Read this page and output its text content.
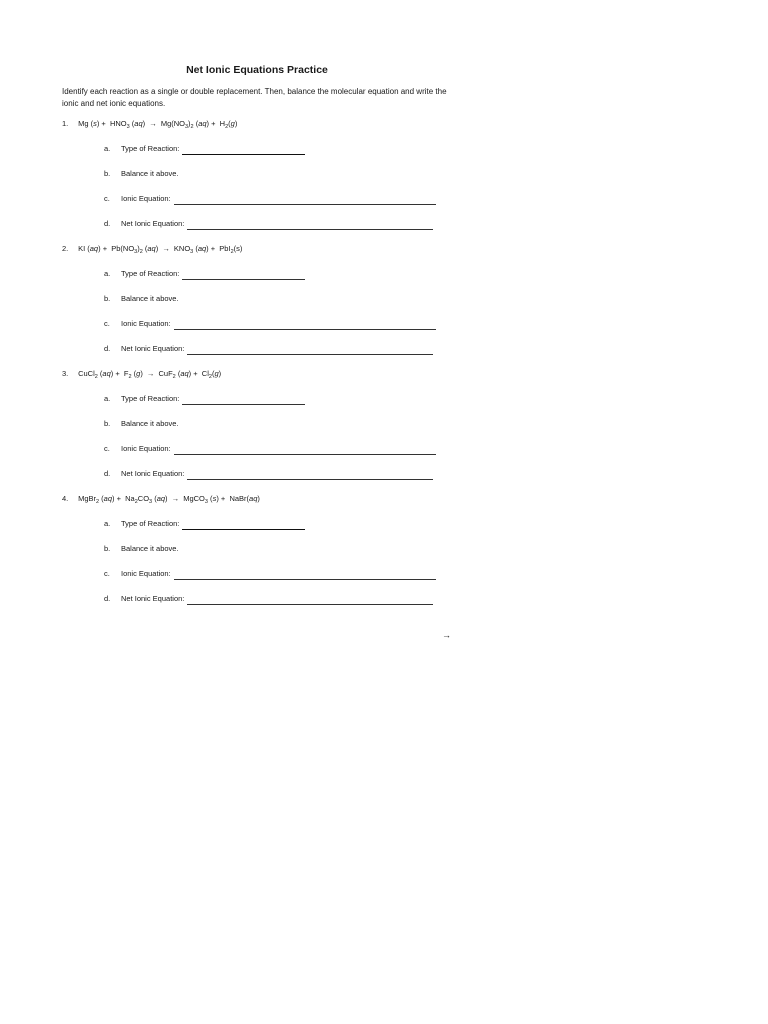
Net Ionic Equations Practice
Identify each reaction as a single or double replacement. Then, balance the molecular equation and write the ionic and net ionic equations.
1. Mg $(s) + HNO_3$ $(aq) \to Mg(NO_3)_2$ $(aq) + H_2(g)$
a. Type of Reaction:
b. Balance it above.
c. Ionic Equation:
d. Net Ionic Equation:
2. KI $(aq) + Pb(NO_3)_2$ $(aq) \to KNO_3$ (aq) +  PbI$_2$(s)
a. Type of Reaction:
b. Balance it above.
c. Ionic Equation:
d. Net Ionic Equation:
3. CuCl$_2$ $(aq) + F_2$ (g) → CuF$_2$ $(aq) + Cl_2(g)$
a. Type of Reaction:
b. Balance it above.
c. Ionic Equation:
d. Net Ionic Equation:
4. MgBr$_2$ $(aq) + Na_2CO_3$ (aq) → MgCO$_3$ (s) +  NaBr(aq)
a. Type of Reaction:
b. Balance it above.
c. Ionic Equation:
d. Net Ionic Equation:
→
